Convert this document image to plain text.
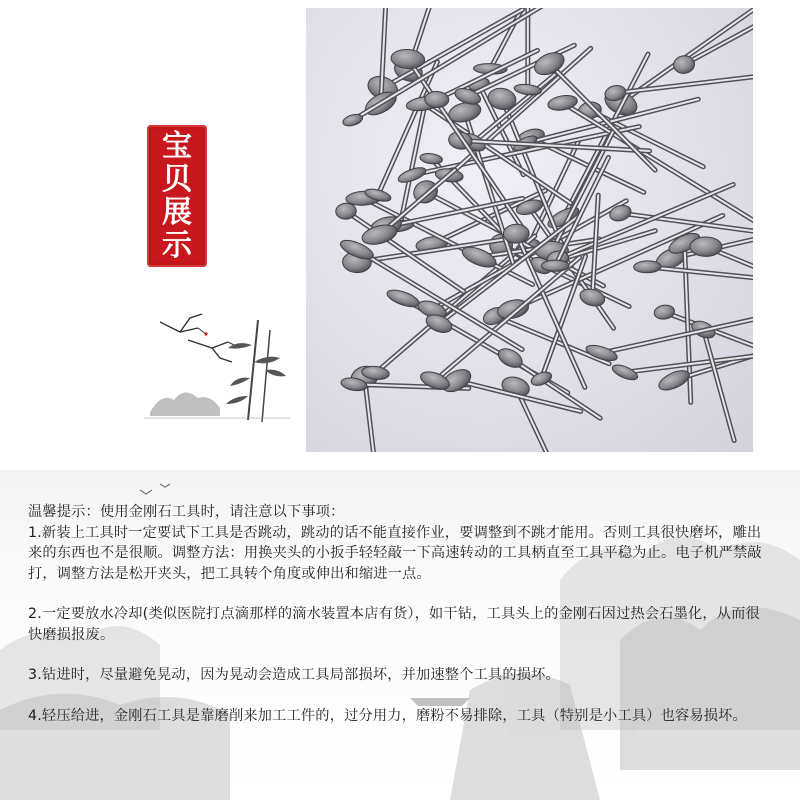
宝
贝
展
示

温馨提示：使用金刚石工具时，请注意以下事项：

1.新装上工具时一定要试下工具是否跳动，跳动的话不能直接作业，要调整到不跳才能用。否则工具很快磨坏，雕出来的东西也不是很顺。调整方法：用换夹头的小扳手轻轻敲一下高速转动的工具柄直至工具平稳为止。电子机严禁敲打，调整方法是松开夹头，把工具转个角度或伸出和缩进一点。

2.一定要放水冷却(类似医院打点滴那样的滴水装置本店有货），如干钻，工具头上的金刚石因过热会石墨化，从而很快磨损报废。

3.钻进时，尽量避免晃动，因为晃动会造成工具局部损坏，并加速整个工具的损坏。

4.轻压给进，金刚石工具是靠磨削来加工工件的，过分用力，磨粉不易排除，工具（特别是小工具）也容易损坏。
